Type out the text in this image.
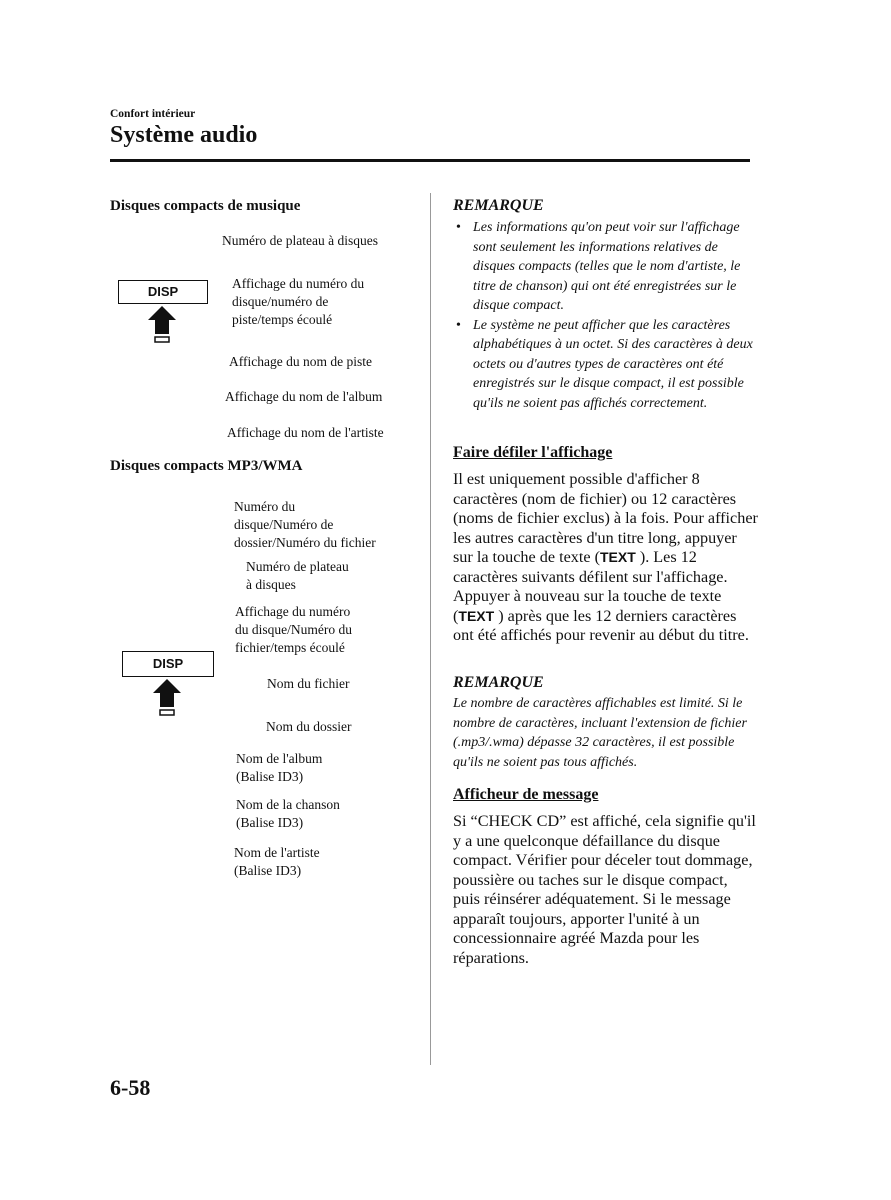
Confort intérieur
Système audio
Disques compacts de musique
Numéro de plateau à disques
DISP
Affichage du numéro du
disque/numéro de
piste/temps écoulé
Affichage du nom de piste
Affichage du nom de l'album
Affichage du nom de l'artiste
Disques compacts MP3/WMA
Numéro du
disque/Numéro de
dossier/Numéro du fichier
Numéro de plateau
à disques
Affichage du numéro
du disque/Numéro du
fichier/temps écoulé
DISP
Nom du fichier
Nom du dossier
Nom de l'album
(Balise ID3)
Nom de la chanson
(Balise ID3)
Nom de l'artiste
(Balise ID3)
REMARQUE
• Les informations qu'on peut voir sur l'affichage sont seulement les informations relatives de disques compacts (telles que le nom d'artiste, le titre de chanson) qui ont été enregistrées sur le disque compact.
• Le système ne peut afficher que les caractères alphabétiques à un octet. Si des caractères à deux octets ou d'autres types de caractères ont été enregistrés sur le disque compact, il est possible qu'ils ne soient pas affichés correctement.
Faire défiler l'affichage
Il est uniquement possible d'afficher 8 caractères (nom de fichier) ou 12 caractères (noms de fichier exclus) à la fois. Pour afficher les autres caractères d'un titre long, appuyer sur la touche de texte (TEXT ). Les 12 caractères suivants défilent sur l'affichage. Appuyer à nouveau sur la touche de texte (TEXT ) après que les 12 derniers caractères ont été affichés pour revenir au début du titre.
REMARQUE
Le nombre de caractères affichables est limité. Si le nombre de caractères, incluant l'extension de fichier (.mp3/.wma) dépasse 32 caractères, il est possible qu'ils ne soient pas tous affichés.
Afficheur de message
Si “CHECK CD” est affiché, cela signifie qu'il y a une quelconque défaillance du disque compact. Vérifier pour déceler tout dommage, poussière ou taches sur le disque compact, puis réinsérer adéquatement. Si le message apparaît toujours, apporter l'unité à un concessionnaire agréé Mazda pour les réparations.
6-58
